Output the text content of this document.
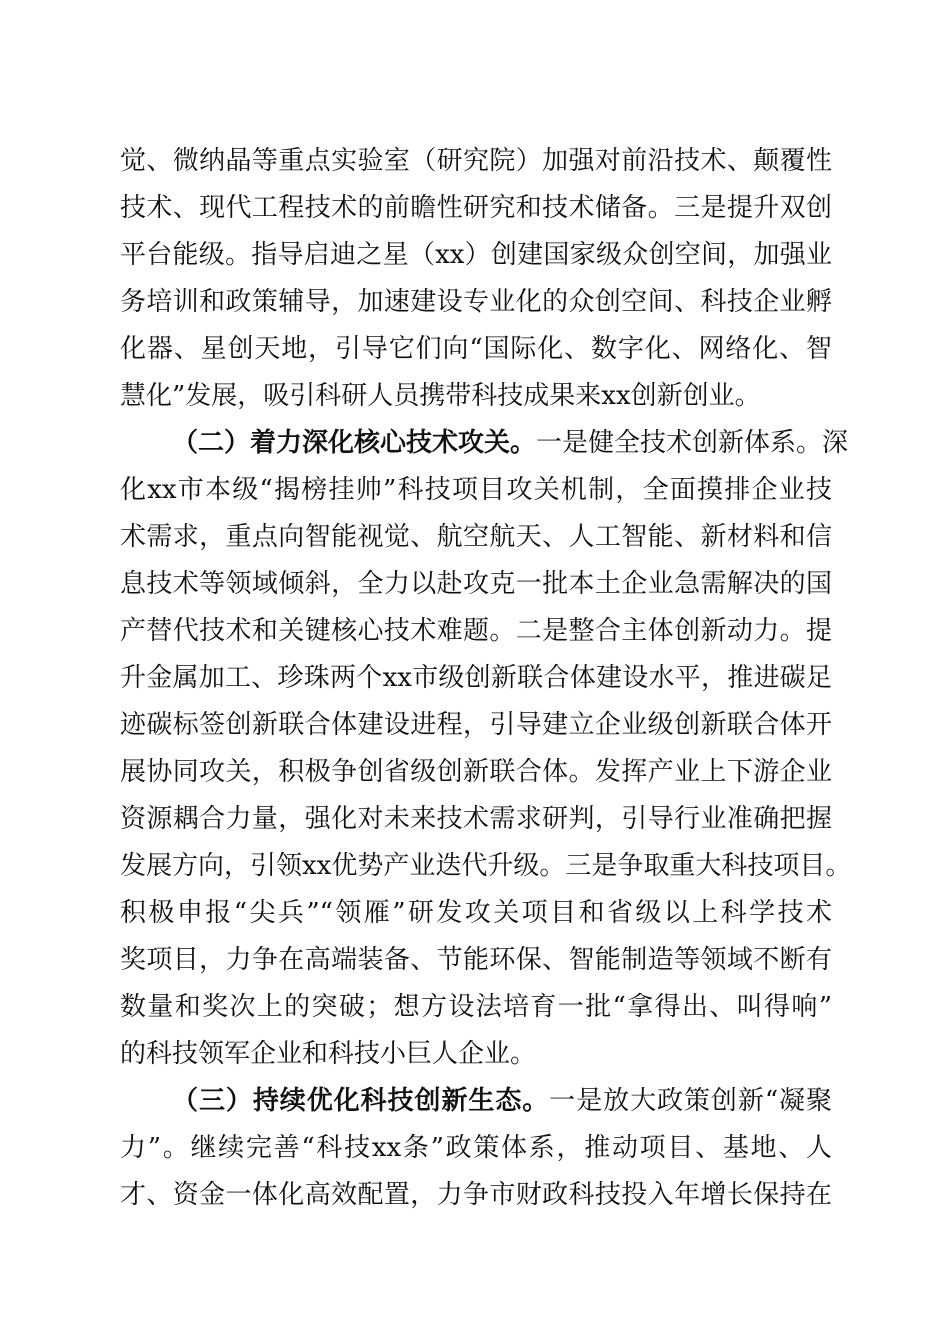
觉、微纳晶等重点实验室（研究院）加强对前沿技术、颠覆性
技术、现代工程技术的前瞻性研究和技术储备。三是提升双创
平台能级。指导启迪之星（xx）创建国家级众创空间，加强业
务培训和政策辅导，加速建设专业化的众创空间、科技企业孵
化器、星创天地，引导它们向“国际化、数字化、网络化、智
慧化”发展，吸引科研人员携带科技成果来xx创新创业。
（二）着力深化核心技术攻关。一是健全技术创新体系。深
化xx市本级“揭榜挂帅”科技项目攻关机制，全面摸排企业技
术需求，重点向智能视觉、航空航天、人工智能、新材料和信
息技术等领域倾斜，全力以赴攻克一批本土企业急需解决的国
产替代技术和关键核心技术难题。二是整合主体创新动力。提
升金属加工、珍珠两个xx市级创新联合体建设水平，推进碳足
迹碳标签创新联合体建设进程，引导建立企业级创新联合体开
展协同攻关，积极争创省级创新联合体。发挥产业上下游企业
资源耦合力量，强化对未来技术需求研判，引导行业准确把握
发展方向，引领xx优势产业迭代升级。三是争取重大科技项目。
积极申报“尖兵”“领雁”研发攻关项目和省级以上科学技术
奖项目，力争在高端装备、节能环保、智能制造等领域不断有
数量和奖次上的突破；想方设法培育一批“拿得出、叫得响”
的科技领军企业和科技小巨人企业。
（三）持续优化科技创新生态。一是放大政策创新“凝聚
力”。继续完善“科技xx条”政策体系，推动项目、基地、人
才、资金一体化高效配置，力争市财政科技投入年增长保持在
